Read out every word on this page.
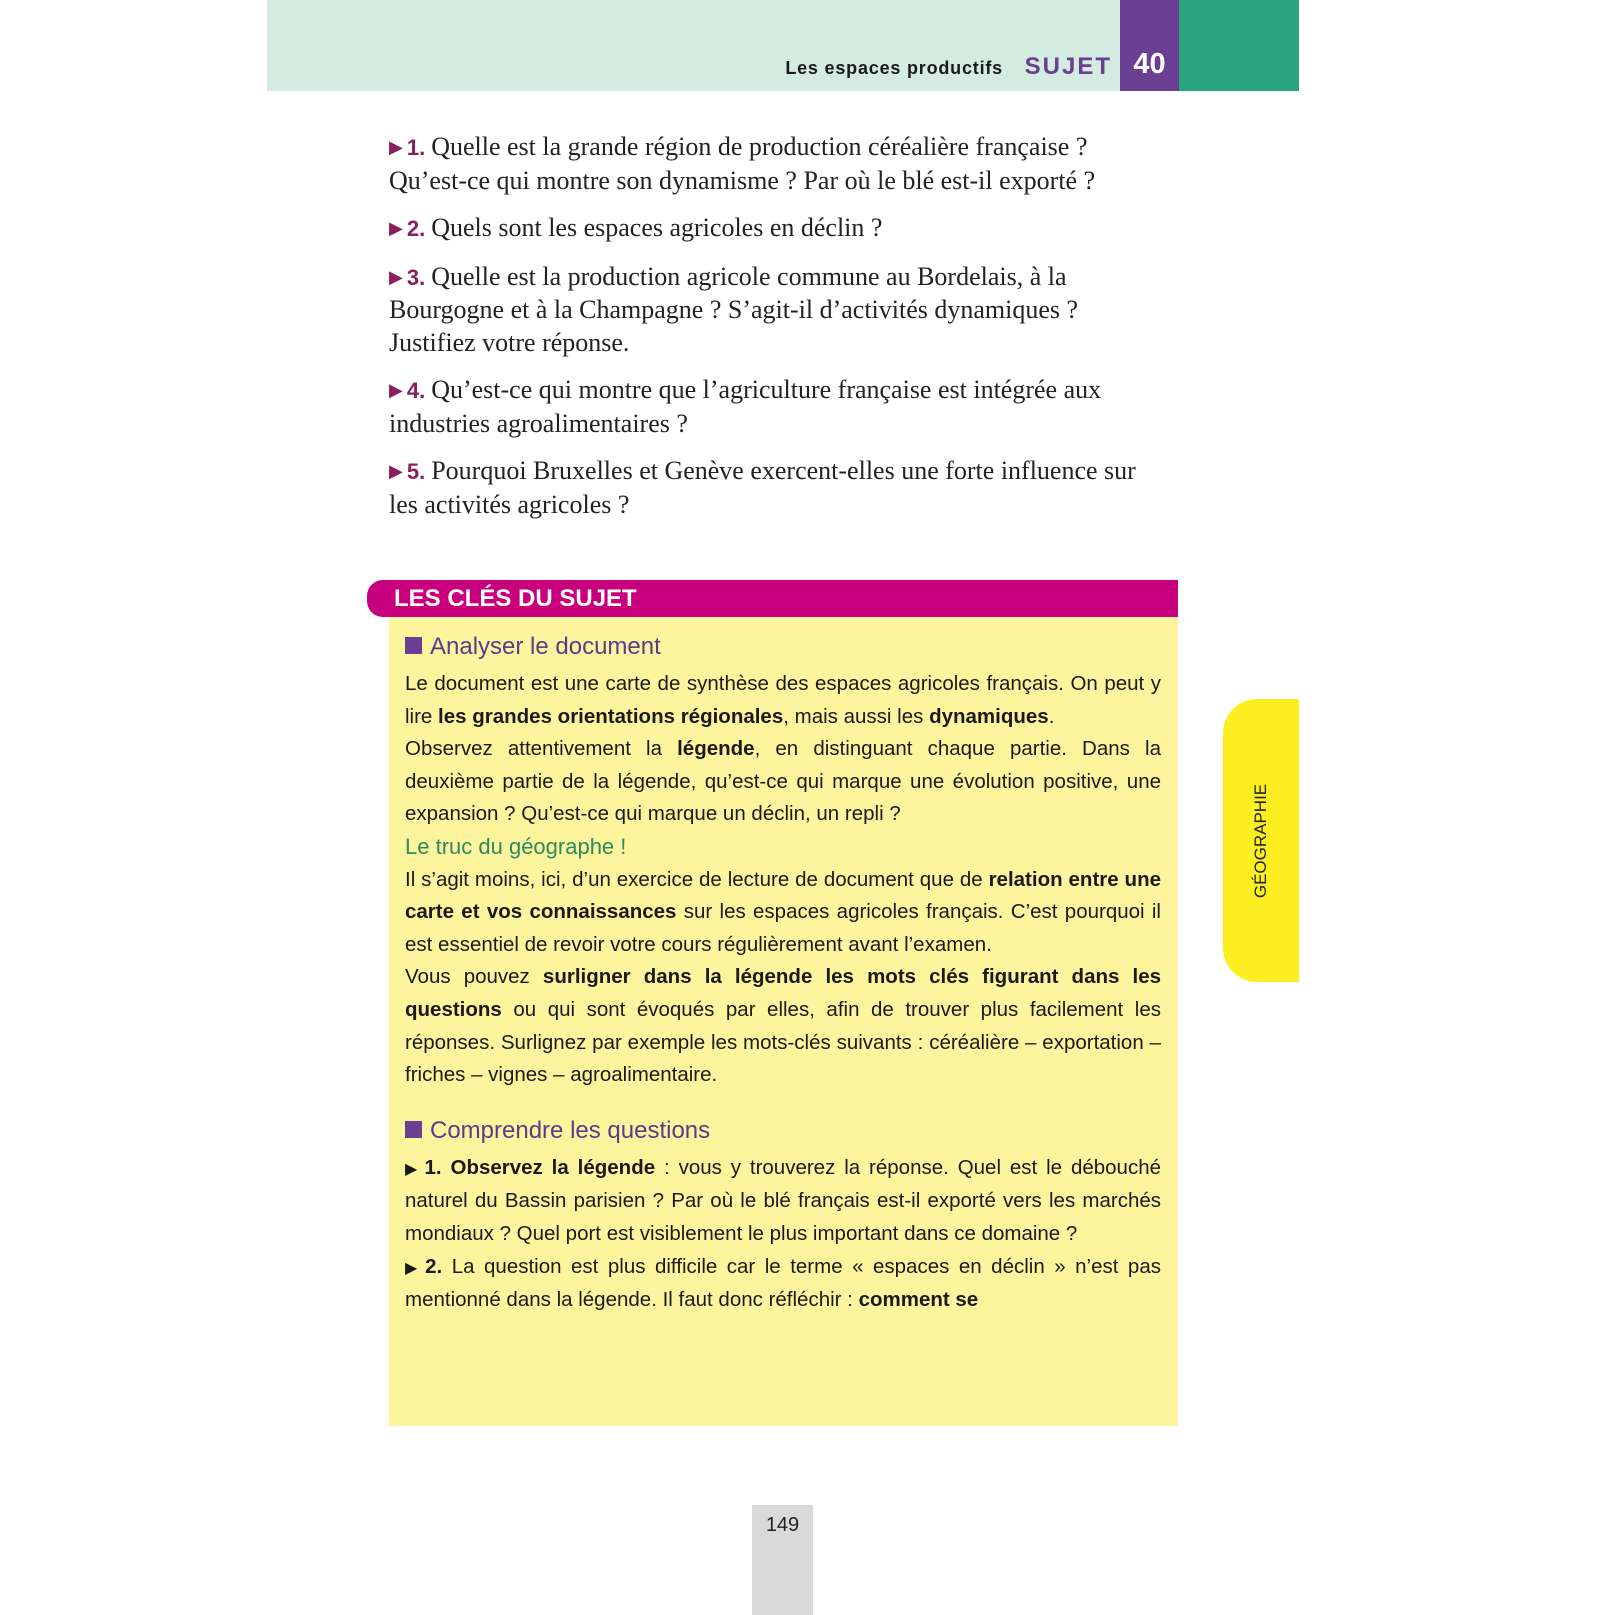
Les espaces productifs SUJET 40

▶ 1. Quelle est la grande région de production céréalière française ? Qu’est-ce qui montre son dynamisme ? Par où le blé est-il exporté ?

▶ 2. Quels sont les espaces agricoles en déclin ?

▶ 3. Quelle est la production agricole commune au Bordelais, à la Bourgogne et à la Champagne ? S’agit-il d’activités dynamiques ? Justifiez votre réponse.

▶ 4. Qu’est-ce qui montre que l’agriculture française est intégrée aux industries agroalimentaires ?

▶ 5. Pourquoi Bruxelles et Genève exercent-elles une forte influence sur les activités agricoles ?

LES CLÉS DU SUJET

Analyser le document

Le document est une carte de synthèse des espaces agricoles français. On peut y lire les grandes orientations régionales, mais aussi les dynamiques.

Observez attentivement la légende, en distinguant chaque partie. Dans la deuxième partie de la légende, qu’est-ce qui marque une évolution positive, une expansion ? Qu’est-ce qui marque un déclin, un repli ?

Le truc du géographe !

Il s’agit moins, ici, d’un exercice de lecture de document que de relation entre une carte et vos connaissances sur les espaces agricoles français. C’est pourquoi il est essentiel de revoir votre cours régulièrement avant l’examen.

Vous pouvez surligner dans la légende les mots clés figurant dans les questions ou qui sont évoqués par elles, afin de trouver plus facilement les réponses. Surlignez par exemple les mots-clés suivants : céréalière – exportation – friches – vignes – agroalimentaire.

Comprendre les questions

▶ 1. Observez la légende : vous y trouverez la réponse. Quel est le débouché naturel du Bassin parisien ? Par où le blé français est-il exporté vers les marchés mondiaux ? Quel port est visiblement le plus important dans ce domaine ?

▶ 2. La question est plus difficile car le terme « espaces en déclin » n’est pas mentionné dans la légende. Il faut donc réfléchir : comment se

GÉOGRAPHIE
149
